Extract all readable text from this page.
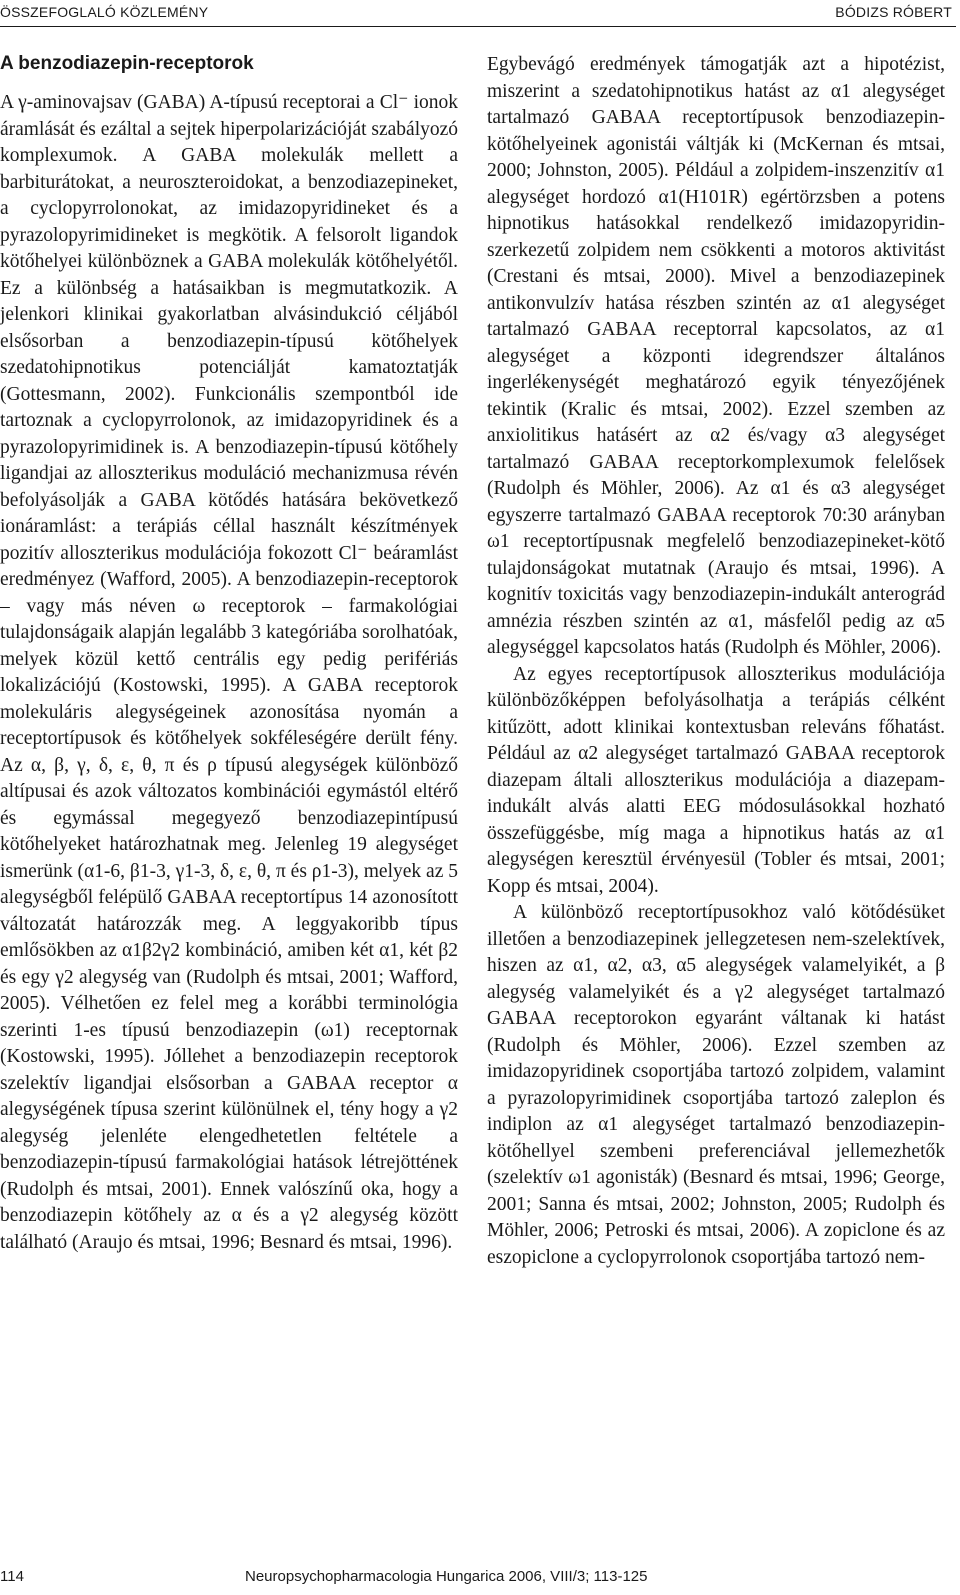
ÖSSZEFOGLALÓ KÖZLEMÉNY	BÓDIZS RÓBERT
A benzodiazepin-receptorok

A γ-aminovajsav (GABA) A-típusú receptorai a Cl⁻ ionok áramlását és ezáltal a sejtek hiperpolarizációját szabályozó komplexumok. A GABA molekulák mellett a barbiturátokat, a neuroszteroidokat, a benzodiazepineket, a cyclopyrrolonokat, az imidazopyridineket és a pyrazolopyrimidineket is megkötik. A felsorolt ligandok kötőhelyei különböznek a GABA molekulák kötőhelyétől. Ez a különbség a hatásaikban is megmutatkozik. A jelenkori klinikai gyakorlatban alvásindukció céljából elsősorban a benzodiazepin-típusú kötőhelyek szedatohipnotikus potenciálját kamatoztatják (Gottesmann, 2002). Funkcionális szempontból ide tartoznak a cyclopyrrolonok, az imidazopyridinek és a pyrazolopyrimidinek is. A benzodiazepin-típusú kötőhely ligandjai az alloszterikus moduláció mechanizmusa révén befolyásolják a GABA kötődés hatására bekövetkező ionáramlást: a terápiás céllal használt készítmények pozitív alloszterikus modulációja fokozott Cl⁻ beáramlást eredményez (Wafford, 2005). A benzodiazepin-receptorok – vagy más néven ω receptorok – farmakológiai tulajdonságaik alapján legalább 3 kategóriába sorolhatóak, melyek közül kettő centrális egy pedig perifériás lokalizációjú (Kostowski, 1995). A GABA receptorok molekuláris alegységeinek azonosítása nyomán a receptortípusok és kötőhelyek sokféleségére derült fény. Az α, β, γ, δ, ε, θ, π és ρ típusú alegységek különböző altípusai és azok változatos kombinációi egymástól eltérő és egymással megegyező benzodiazepintípusú kötőhelyeket határozhatnak meg. Jelenleg 19 alegységet ismerünk (α1-6, β1-3, γ1-3, δ, ε, θ, π és ρ1-3), melyek az 5 alegységből felépülő GABAA receptortípus 14 azonosított változatát határozzák meg. A leggyakoribb típus emlősökben az α1β2γ2 kombináció, amiben két α1, két β2 és egy γ2 alegység van (Rudolph és mtsai, 2001; Wafford, 2005). Vélhetően ez felel meg a korábbi terminológia szerinti 1-es típusú benzodiazepin (ω1) receptornak (Kostowski, 1995). Jóllehet a benzodiazepin receptorok szelektív ligandjai elsősorban a GABAA receptor α alegységének típusa szerint különülnek el, tény hogy a γ2 alegység jelenléte elengedhetetlen feltétele a benzodiazepin-típusú farmakológiai hatások létrejöttének (Rudolph és mtsai, 2001). Ennek valószínű oka, hogy a benzodiazepin kötőhely az α és a γ2 alegység között található (Araujo és mtsai, 1996; Besnard és mtsai, 1996).

Egybevágó eredmények támogatják azt a hipotézist, miszerint a szedatohipnotikus hatást az α1 alegységet tartalmazó GABAA receptortípusok benzodiazepin-kötőhelyeinek agonistái váltják ki (McKernan és mtsai, 2000; Johnston, 2005). Például a zolpidem-inszenzitív α1 alegységet hordozó α1(H101R) egértörzsben a potens hipnotikus hatásokkal rendelkező imidazopyridin-szerkezetű zolpidem nem csökkenti a motoros aktivitást (Crestani és mtsai, 2000). Mivel a benzodiazepinek antikonvulzív hatása részben szintén az α1 alegységet tartalmazó GABAA receptorral kapcsolatos, az α1 alegységet a központi idegrendszer általános ingerlékenységét meghatározó egyik tényezőjének tekintik (Kralic és mtsai, 2002). Ezzel szemben az anxiolitikus hatásért az α2 és/vagy α3 alegységet tartalmazó GABAA receptorkomplexumok felelősek (Rudolph és Möhler, 2006). Az α1 és α3 alegységet egyszerre tartalmazó GABAA receptorok 70:30 arányban ω1 receptortípusnak megfelelő benzodiazepineket-kötő tulajdonságokat mutatnak (Araujo és mtsai, 1996). A kognitív toxicitás vagy benzodiazepin-indukált anterográd amnézia részben szintén az α1, másfelől pedig az α5 alegységgel kapcsolatos hatás (Rudolph és Möhler, 2006).

Az egyes receptortípusok alloszterikus modulációja különbözőképpen befolyásolhatja a terápiás célként kitűzött, adott klinikai kontextusban releváns főhatást. Például az α2 alegységet tartalmazó GABAA receptorok diazepam általi alloszterikus modulációja a diazepam-indukált alvás alatti EEG módosulásokkal hozható összefüggésbe, míg maga a hipnotikus hatás az α1 alegységen keresztül érvényesül (Tobler és mtsai, 2001; Kopp és mtsai, 2004).

A különböző receptortípusokhoz való kötődésüket illetően a benzodiazepinek jellegzetesen nem-szelektívek, hiszen az α1, α2, α3, α5 alegységek valamelyikét, a β alegység valamelyikét és a γ2 alegységet tartalmazó GABAA receptorokon egyaránt váltanak ki hatást (Rudolph és Möhler, 2006). Ezzel szemben az imidazopyridinek csoportjába tartozó zolpidem, valamint a pyrazolopyrimidinek csoportjába tartozó zaleplon és indiplon az α1 alegységet tartalmazó benzodiazepin-kötőhellyel szembeni preferenciával jellemezhetők (szelektív ω1 agonisták) (Besnard és mtsai, 1996; George, 2001; Sanna és mtsai, 2002; Johnston, 2005; Rudolph és Möhler, 2006; Petroski és mtsai, 2006). A zopiclone és az eszopiclone a cyclopyrrolonok csoportjába tartozó nem-

114	Neuropsychopharmacologia Hungarica 2006, VIII/3; 113-125
